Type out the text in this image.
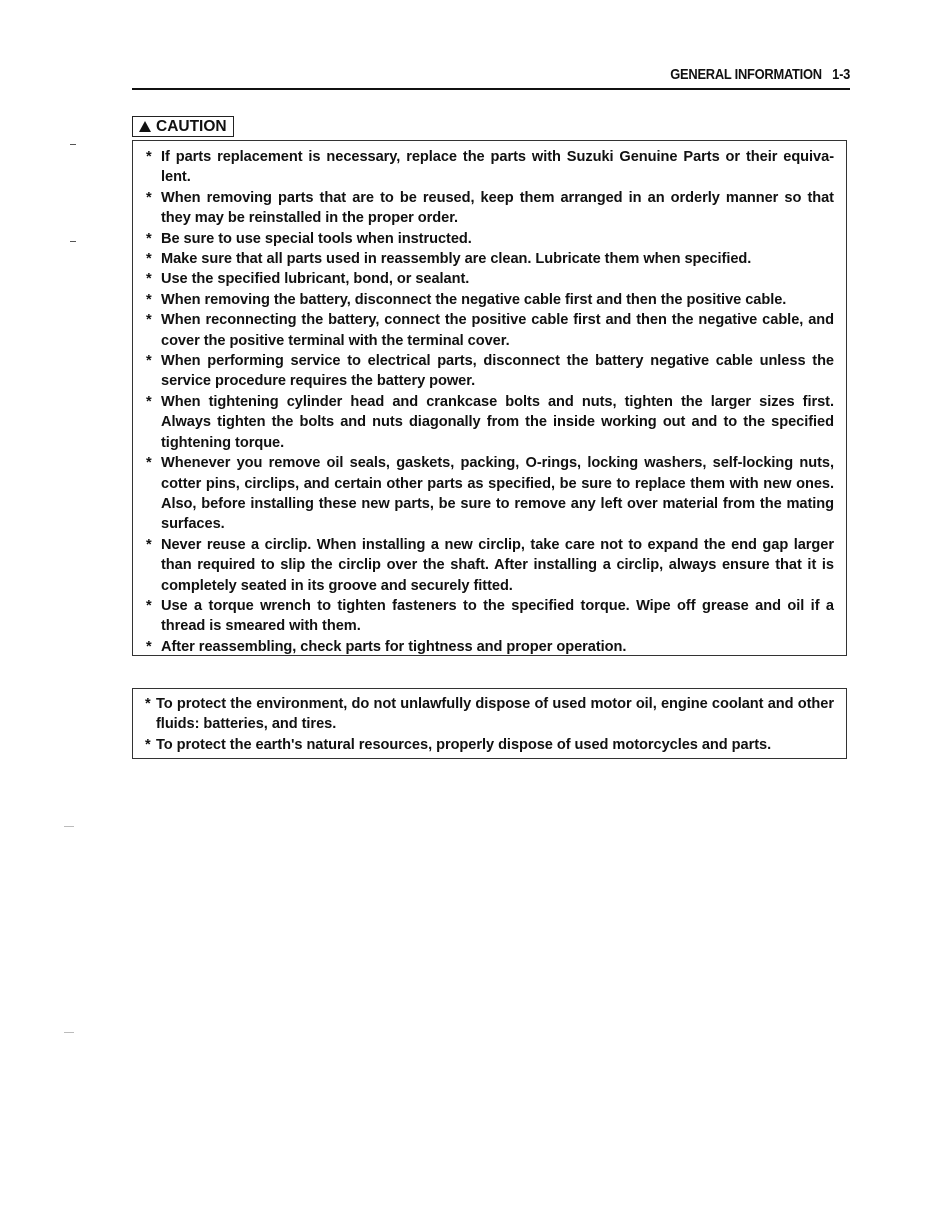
GENERAL INFORMATION 1-3
CAUTION
* If parts replacement is necessary, replace the parts with Suzuki Genuine Parts or their equiva-lent.
* When removing parts that are to be reused, keep them arranged in an orderly manner so that they may be reinstalled in the proper order.
* Be sure to use special tools when instructed.
* Make sure that all parts used in reassembly are clean. Lubricate them when specified.
* Use the specified lubricant, bond, or sealant.
* When removing the battery, disconnect the negative cable first and then the positive cable.
* When reconnecting the battery, connect the positive cable first and then the negative cable, and cover the positive terminal with the terminal cover.
* When performing service to electrical parts, disconnect the battery negative cable unless the service procedure requires the battery power.
* When tightening cylinder head and crankcase bolts and nuts, tighten the larger sizes first. Always tighten the bolts and nuts diagonally from the inside working out and to the specified tightening torque.
* Whenever you remove oil seals, gaskets, packing, O-rings, locking washers, self-locking nuts, cotter pins, circlips, and certain other parts as specified, be sure to replace them with new ones. Also, before installing these new parts, be sure to remove any left over material from the mating surfaces.
* Never reuse a circlip. When installing a new circlip, take care not to expand the end gap larger than required to slip the circlip over the shaft. After installing a circlip, always ensure that it is completely seated in its groove and securely fitted.
* Use a torque wrench to tighten fasteners to the specified torque. Wipe off grease and oil if a thread is smeared with them.
* After reassembling, check parts for tightness and proper operation.
* To protect the environment, do not unlawfully dispose of used motor oil, engine coolant and other fluids: batteries, and tires.
* To protect the earth's natural resources, properly dispose of used motorcycles and parts.
